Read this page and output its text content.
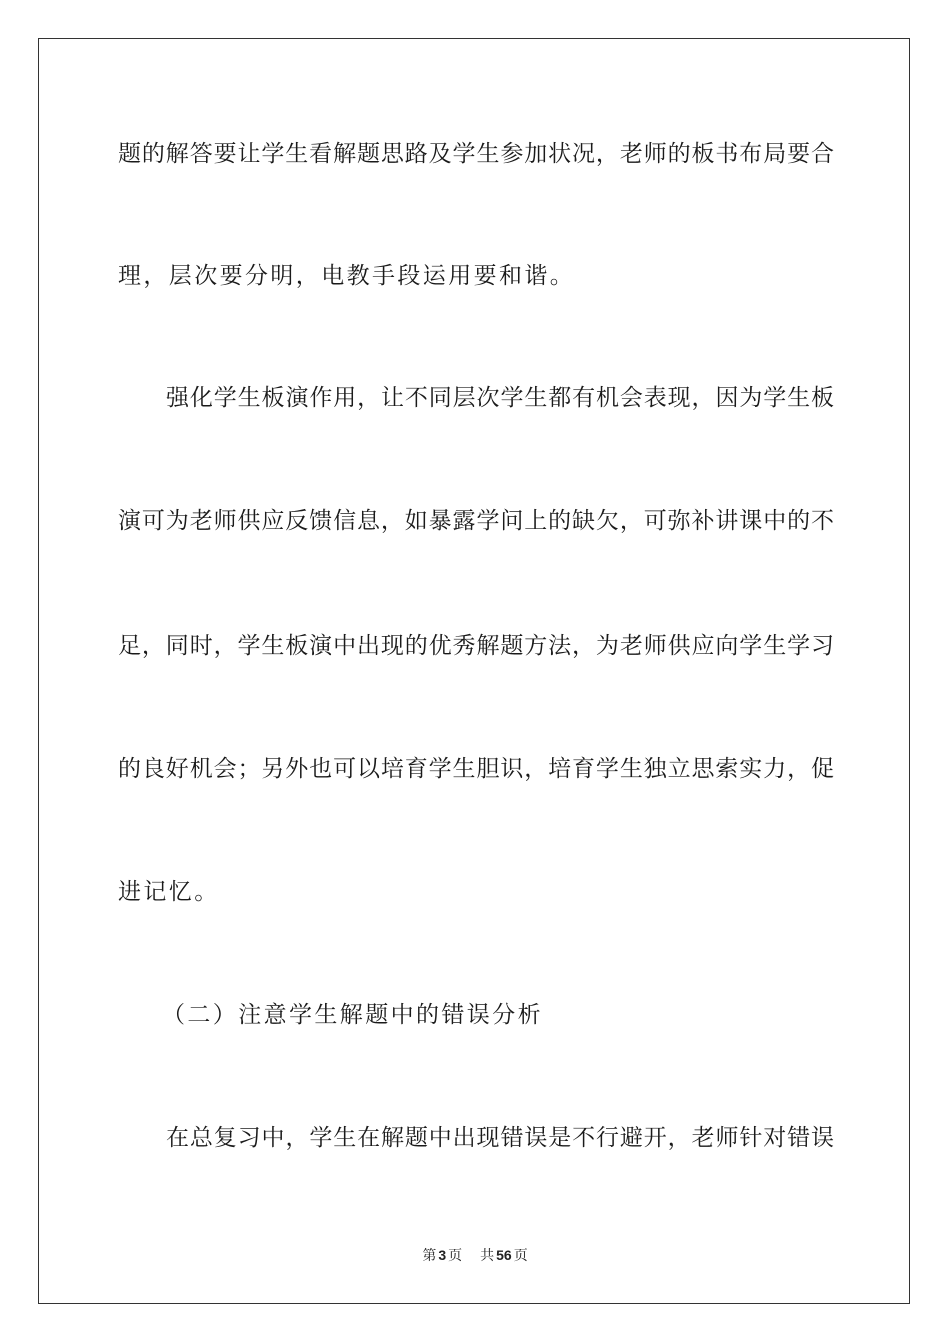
题的解答要让学生看解题思路及学生参加状况，老师的板书布局要合
理，层次要分明，电教手段运用要和谐。
强化学生板演作用，让不同层次学生都有机会表现，因为学生板
演可为老师供应反馈信息，如暴露学问上的缺欠，可弥补讲课中的不
足，同时，学生板演中出现的优秀解题方法，为老师供应向学生学习
的良好机会；另外也可以培育学生胆识，培育学生独立思索实力，促
进记忆。
（二）注意学生解题中的错误分析
在总复习中，学生在解题中出现错误是不行避开，老师针对错误
第 3 页 共 56 页
